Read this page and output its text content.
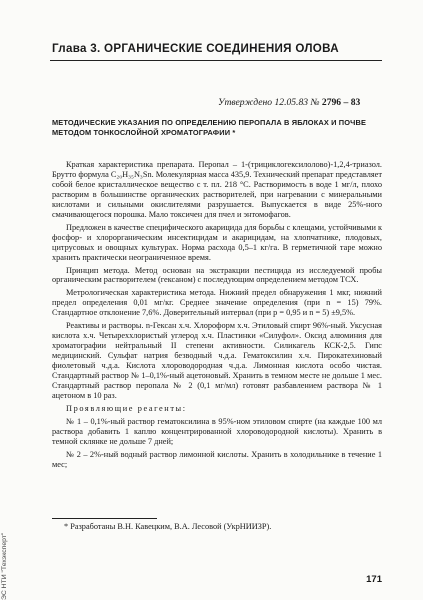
Глава 3. ОРГАНИЧЕСКИЕ СОЕДИНЕНИЯ ОЛОВА
Утверждено 12.05.83 № 2796 – 83
МЕТОДИЧЕСКИЕ УКАЗАНИЯ ПО ОПРЕДЕЛЕНИЮ ПЕРОПАЛА В ЯБЛОКАХ И ПОЧВЕ МЕТОДОМ ТОНКОСЛОЙНОЙ ХРОМАТОГРАФИИ *

Краткая характеристика препарата. Перопал – 1-(трициклогексилолово)-1,2,4-триазол. Брутто формула C₂₀H₃₅N₃Sn. Молекулярная масса 435,9. Технический препарат представляет собой белое кристаллическое вещество с т. пл. 218 °С. Растворимость в воде 1 мг/л, плохо растворим в большинстве органических растворителей, при нагревании с минеральными кислотами и сильными окислителями разрушается. Выпускается в виде 25%-ного смачивающегося порошка. Мало токсичен для пчел и энтомофагов.

Предложен в качестве специфического акарицида для борьбы с клещами, устойчивыми к фосфор- и хлорорганическим инсектицидам и акарицидам, на хлопчатнике, плодовых, цитрусовых и овощных культурах. Норма расхода 0,5–1 кг/га. В герметичной таре можно хранить практически неограниченное время.

Принцип метода. Метод основан на экстракции пестицида из исследуемой пробы органическим растворителем (гексаном) с последующим определением методом ТСХ.

Метрологическая характеристика метода. Нижний предел обнаружения 1 мкг, нижний предел определения 0,01 мг/кг. Среднее значение определения (при n = 15) 79%. Стандартное отклонение 7,6%. Доверительный интервал (при p = 0,95 и n = 5) ±9,5%.

Реактивы и растворы. n-Гексан х.ч. Хлороформ х.ч. Этиловый спирт 96%-ный. Уксусная кислота х.ч. Четыреххлористый углерод х.ч. Пластинки «Силуфол». Оксид алюминия для хроматографии нейтральный II степени активности. Силикагель КСК-2,5. Гипс медицинский. Сульфат натрия безводный ч.д.а. Гематоксилин х.ч. Пирокатехиновый фиолетовый ч.д.а. Кислота хлороводородная ч.д.а. Лимонная кислота особо чистая. Стандартный раствор № 1–0,1%-ный ацетоновый. Хранить в темном месте не дольше 1 мес. Стандартный раствор перопала № 2 (0,1 мг/мл) готовят разбавлением раствора № 1 ацетоном в 10 раз.

Проявляющие реагенты:

№ 1 – 0,1%-ный раствор гематоксилина в 95%-ном этиловом спирте (на каждые 100 мл раствора добавить 1 каплю концентрированной хлороводородной кислоты). Хранить в темной склянке не дольше 7 дней;

№ 2 – 2%-ный водный раствор лимонной кислоты. Хранить в холодильнике в течение 1 мес;

* Разработаны В.Н. Кавецким, В.А. Лесовой (УкрНИИЗР).
171
ЭС НТИ "Техэксперт"
